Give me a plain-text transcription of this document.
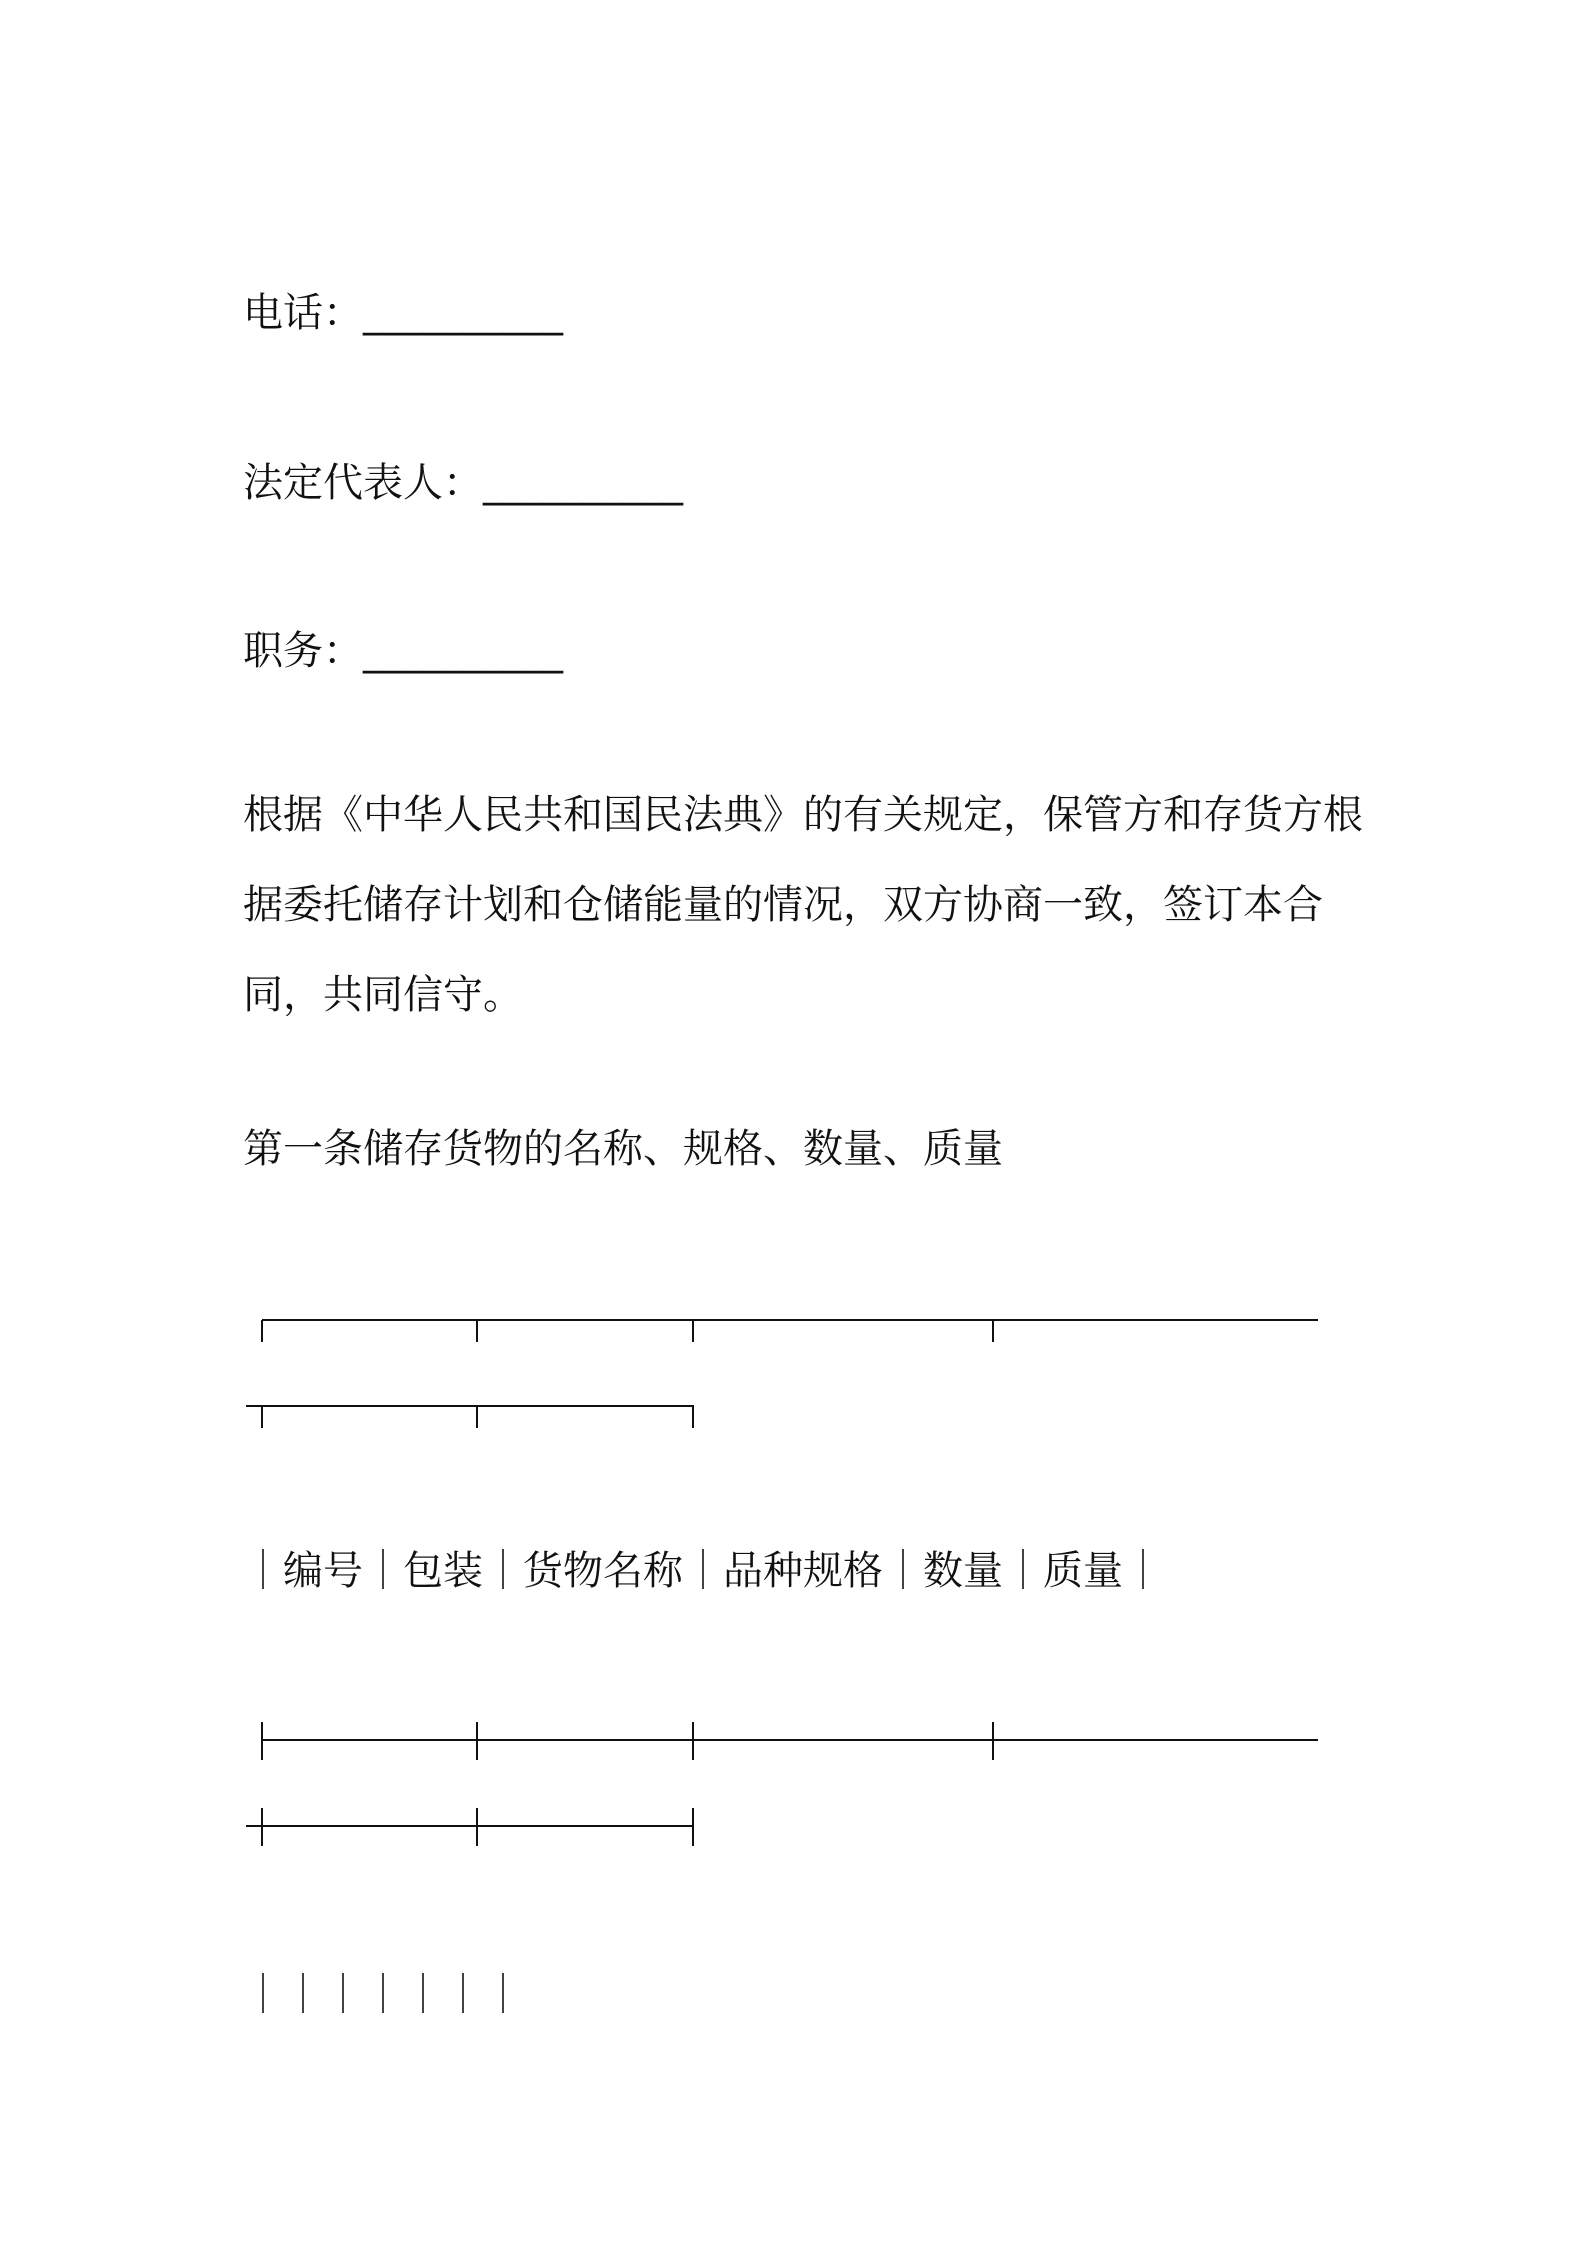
电话：__________

法定代表人：__________

职务：__________

根据《中华人民共和国民法典》的有关规定，保管方和存货方根据委托储存计划和仓储能量的情况，双方协商一致，签订本合同，共同信守。

第一条储存货物的名称、规格、数量、质量

｜编号｜包装｜货物名称｜品种规格｜数量｜质量｜

｜｜｜｜｜｜｜
